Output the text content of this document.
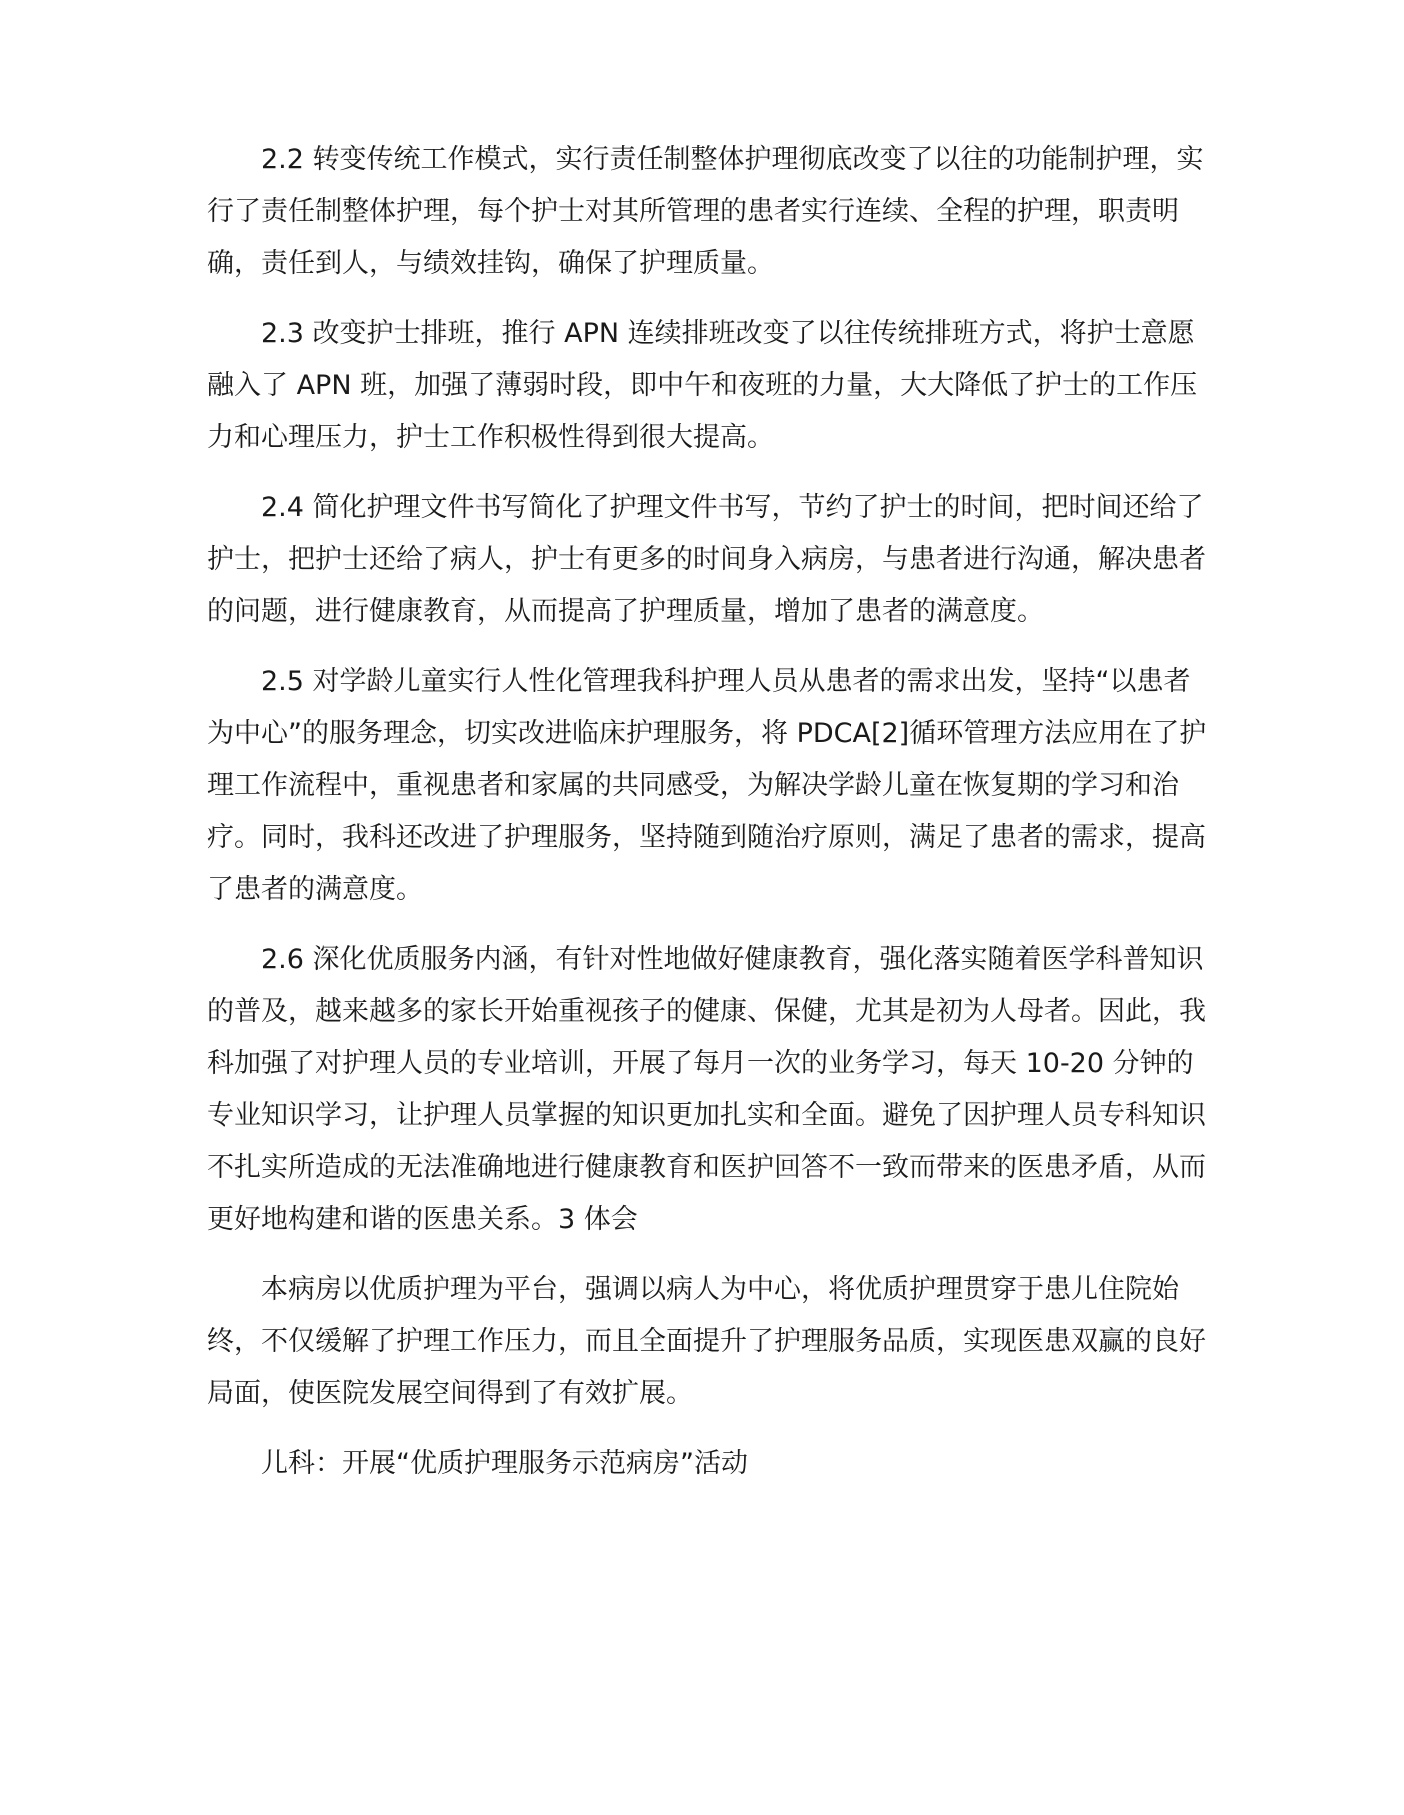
2.2 转变传统工作模式，实行责任制整体护理彻底改变了以往的功能制护理，实行了责任制整体护理，每个护士对其所管理的患者实行连续、全程的护理，职责明确，责任到人，与绩效挂钩，确保了护理质量。

2.3 改变护士排班，推行 APN 连续排班改变了以往传统排班方式，将护士意愿融入了 APN 班，加强了薄弱时段，即中午和夜班的力量，大大降低了护士的工作压力和心理压力，护士工作积极性得到很大提高。

2.4 简化护理文件书写简化了护理文件书写，节约了护士的时间，把时间还给了护士，把护士还给了病人，护士有更多的时间身入病房，与患者进行沟通，解决患者的问题，进行健康教育，从而提高了护理质量，增加了患者的满意度。

2.5 对学龄儿童实行人性化管理我科护理人员从患者的需求出发，坚持“以患者为中心”的服务理念，切实改进临床护理服务，将 PDCA[2]循环管理方法应用在了护理工作流程中，重视患者和家属的共同感受，为解决学龄儿童在恢复期的学习和治疗。同时，我科还改进了护理服务，坚持随到随治疗原则，满足了患者的需求，提高了患者的满意度。

2.6 深化优质服务内涵，有针对性地做好健康教育，强化落实随着医学科普知识的普及，越来越多的家长开始重视孩子的健康、保健，尤其是初为人母者。因此，我科加强了对护理人员的专业培训，开展了每月一次的业务学习，每天 10-20 分钟的专业知识学习，让护理人员掌握的知识更加扎实和全面。避免了因护理人员专科知识不扎实所造成的无法准确地进行健康教育和医护回答不一致而带来的医患矛盾，从而更好地构建和谐的医患关系。3 体会

本病房以优质护理为平台，强调以病人为中心，将优质护理贯穿于患儿住院始终，不仅缓解了护理工作压力，而且全面提升了护理服务品质，实现医患双赢的良好局面，使医院发展空间得到了有效扩展。

儿科：开展“优质护理服务示范病房”活动
